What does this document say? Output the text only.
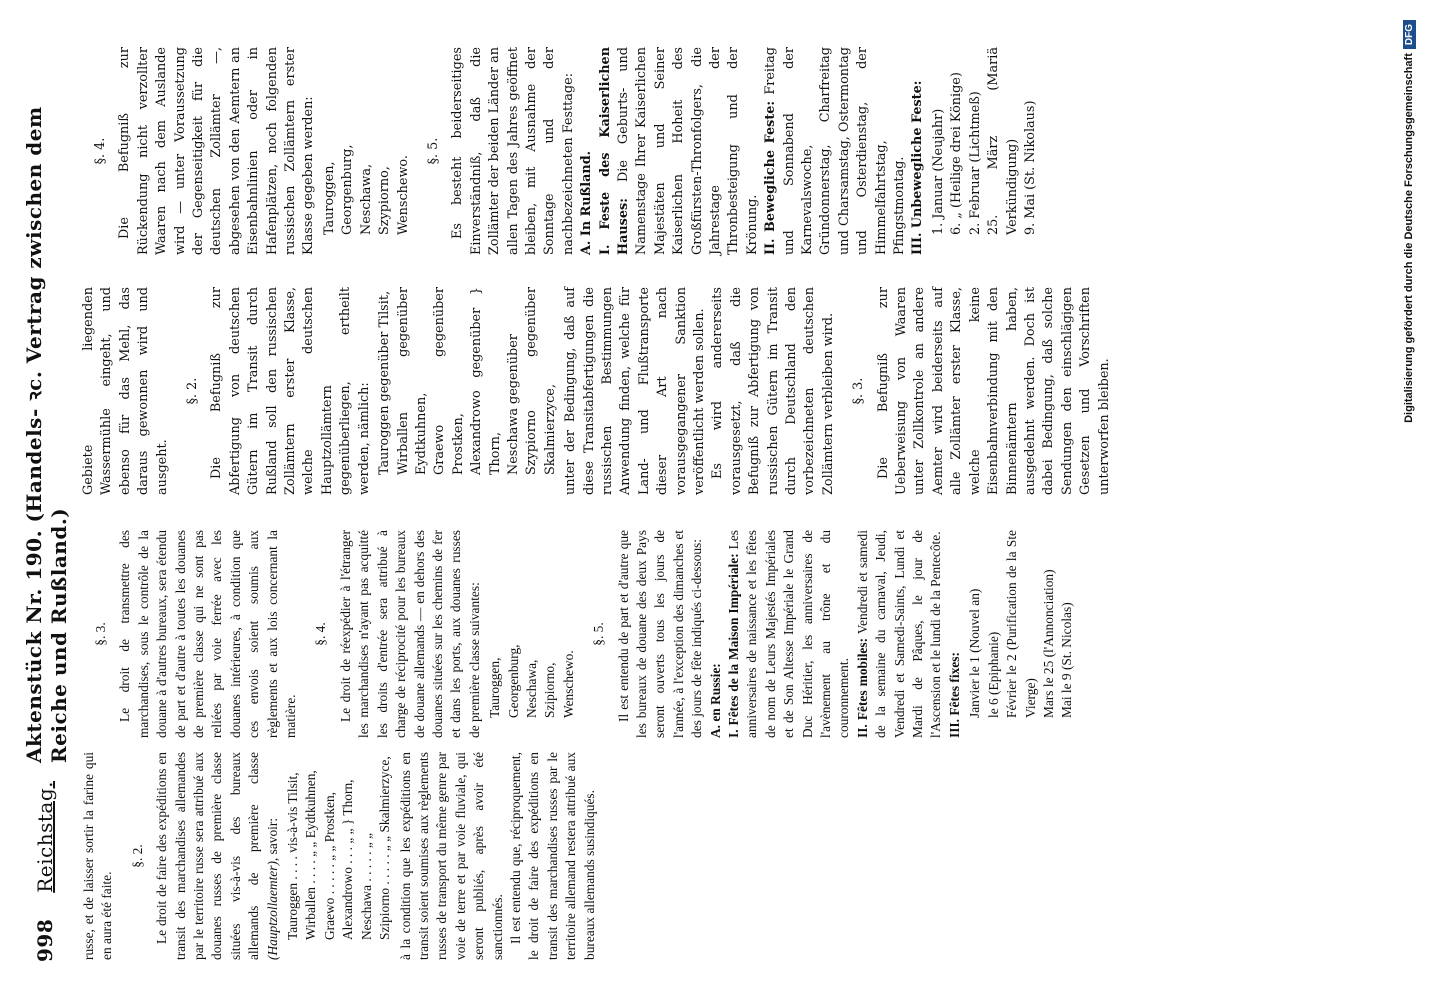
998
Reichstag.
Aktenstück Nr. 190. (Handels- ꝛc. Vertrag zwischen dem Reiche und Rußland.)

russe, et de laisser sortir la farine qui en aura été faite.

§. 2. Le droit de faire des expéditions en transit des marchandises allemandes par le territoire russe sera attribué aux douanes russes de première classe situées vis-à-vis des bureaux allemands de première classe (Hauptzollaemter), savoir: Tauroggen . . . . vis-à-vis Tilsit, Wirballen . . . . „ „ Eydtkuhnen, Graewo . . . . . „ „ Prostken, Alexandrowo . . . „ „ } Thorn, Neschawa . . . . . „ „ Szipiorno . . . . . „ „ Skalmierzyce, à la condition que les expéditions en transit soient soumises aux règlements russes de transport du même genre par voie de terre et par voie fluviale, qui seront publiés, après avoir été sanctionnés. Il est entendu que, réciproquement, le droit de faire des expéditions en transit des marchandises russes par le territoire allemand restera attribué aux bureaux allemands susindiqués.

§. 3. Le droit de transmettre des marchandises, sous le contrôle de la douane à d'autres bureaux, sera étendu de part et d'autre à toutes les douanes de première classe qui ne sont pas reliées par voie ferrée avec les douanes intérieures, à condition que ces envois soient soumis aux règlements et aux lois concernant la matière.

§. 4. Le droit de réexpédier à l'étranger les marchandises n'ayant pas acquitté les droits d'entrée sera attribué à charge de réciprocité pour les bureaux de douane allemands — en dehors des douanes situées sur les chemins de fer et dans les ports, aux douanes russes de première classe suivantes: Tauroggen, Georgenburg, Neschawa, Szipiorno, Wenschewo.
§. 5. Il est entendu de part et d'autre que les bureaux de douane des deux Pays seront ouverts tous les jours de l'année, à l'exception des dimanches et des jours de fête indiqués ci-dessous: A. en Russie: I. Fêtes de la Maison Impériale: Les anniversaires de naissance et les fêtes de nom de Leurs Majestés Impériales et de Son Altesse Impériale le Grand Duc Héritier, les anniversaires de l'avènement au trône et du couronnement. II. Fêtes mobiles: Vendredi et samedi de la semaine du carnaval, Jeudi, Vendredi et Samedi-Saints, Lundi et Mardi de Pâques, le jour de l'Ascension et le lundi de la Pentecôte. III. Fêtes fixes: Janvier le 1 (Nouvel an) le 6 (Epiphanie) Février le 2 (Purification de la Ste Vierge) Mars le 25 (l'Annonciation) Mai le 9 (St. Nicolas)

Gebiete liegenden Wassermühle eingeht, und ebenso für das Mehl, das daraus gewonnen wird und ausgeht.

§. 2. Die Befugniß zur Abfertigung von deutschen Gütern im Transit durch Rußland soll den russischen Zollämtern erster Klasse, welche deutschen Hauptzollämtern gegenüberliegen, ertheilt werden, nämlich: Tauroggen gegenüber Tilsit, Wirballen gegenüber Eydtkuhnen, Graewo gegenüber Prostken, Alexandrowo gegenüber } Thorn, Neschawa gegenüber Szypiorno gegenüber Skalmierzyce, unter der Bedingung, daß auf diese Transitabfertigungen die russischen Bestimmungen Anwendung finden, welche für Land- und Flußtransporte dieser Art nach vorausgegangener Sanktion veröffentlicht werden sollen. Es wird andererseits vorausgesetzt, daß die Befugniß zur Abfertigung von russischen Gütern im Transit durch Deutschland den vorbezeichneten deutschen Zollämtern verbleiben wird. §. 3. Die Befugniß zur Ueberweisung von Waaren unter Zollkontrole an andere Aemter wird beiderseits auf alle Zollämter erster Klasse, welche keine Eisenbahnverbindung mit den Binnenämtern haben, ausgedehnt werden. Doch ist dabei Bedingung, daß solche Sendungen den einschlägigen Gesetzen und Vorschriften unterworfen bleiben.

§. 4. Die Befugniß zur Rückendung nicht verzollter Waaren nach dem Auslande wird — unter Voraussetzung der Gegenseitigkeit für die deutschen Zollämter —, abgesehen von den Aemtern an Eisenbahnlinien oder in Hafenplätzen, noch folgenden russischen Zollämtern erster Klasse gegeben werden: Tauroggen, Georgenburg, Neschawa, Szypiorno, Wenschewo.
§. 5. Es besteht beiderseitiges Einverständniß, daß die Zollämter der beiden Länder an allen Tagen des Jahres geöffnet bleiben, mit Ausnahme der Sonntage und der nachbezeichneten Festtage: A. In Rußland. I. Feste des Kaiserlichen Hauses: Die Geburts- und Namenstage Ihrer Kaiserlichen Majestäten und Seiner Kaiserlichen Hoheit des Großfürsten-Thronfolgers, die Jahrestage der Thronbesteigung und der Krönung. II. Bewegliche Feste: Freitag und Sonnabend der Karnevalswoche, Gründonnerstag, Charfreitag und Charsamstag, Ostermontag und Osterdienstag, der Himmelfahrtstag, Pfingstmontag. III. Unbewegliche Feste: 1. Januar (Neujahr) 6. „ (Heilige drei Könige) 2. Februar (Lichtmeß) 25. März (Mariä Verkündigung) 9. Mai (St. Nikolaus)	Digitalisierung gefördert durch die Deutsche Forschungsgemeinschaft
DFG
